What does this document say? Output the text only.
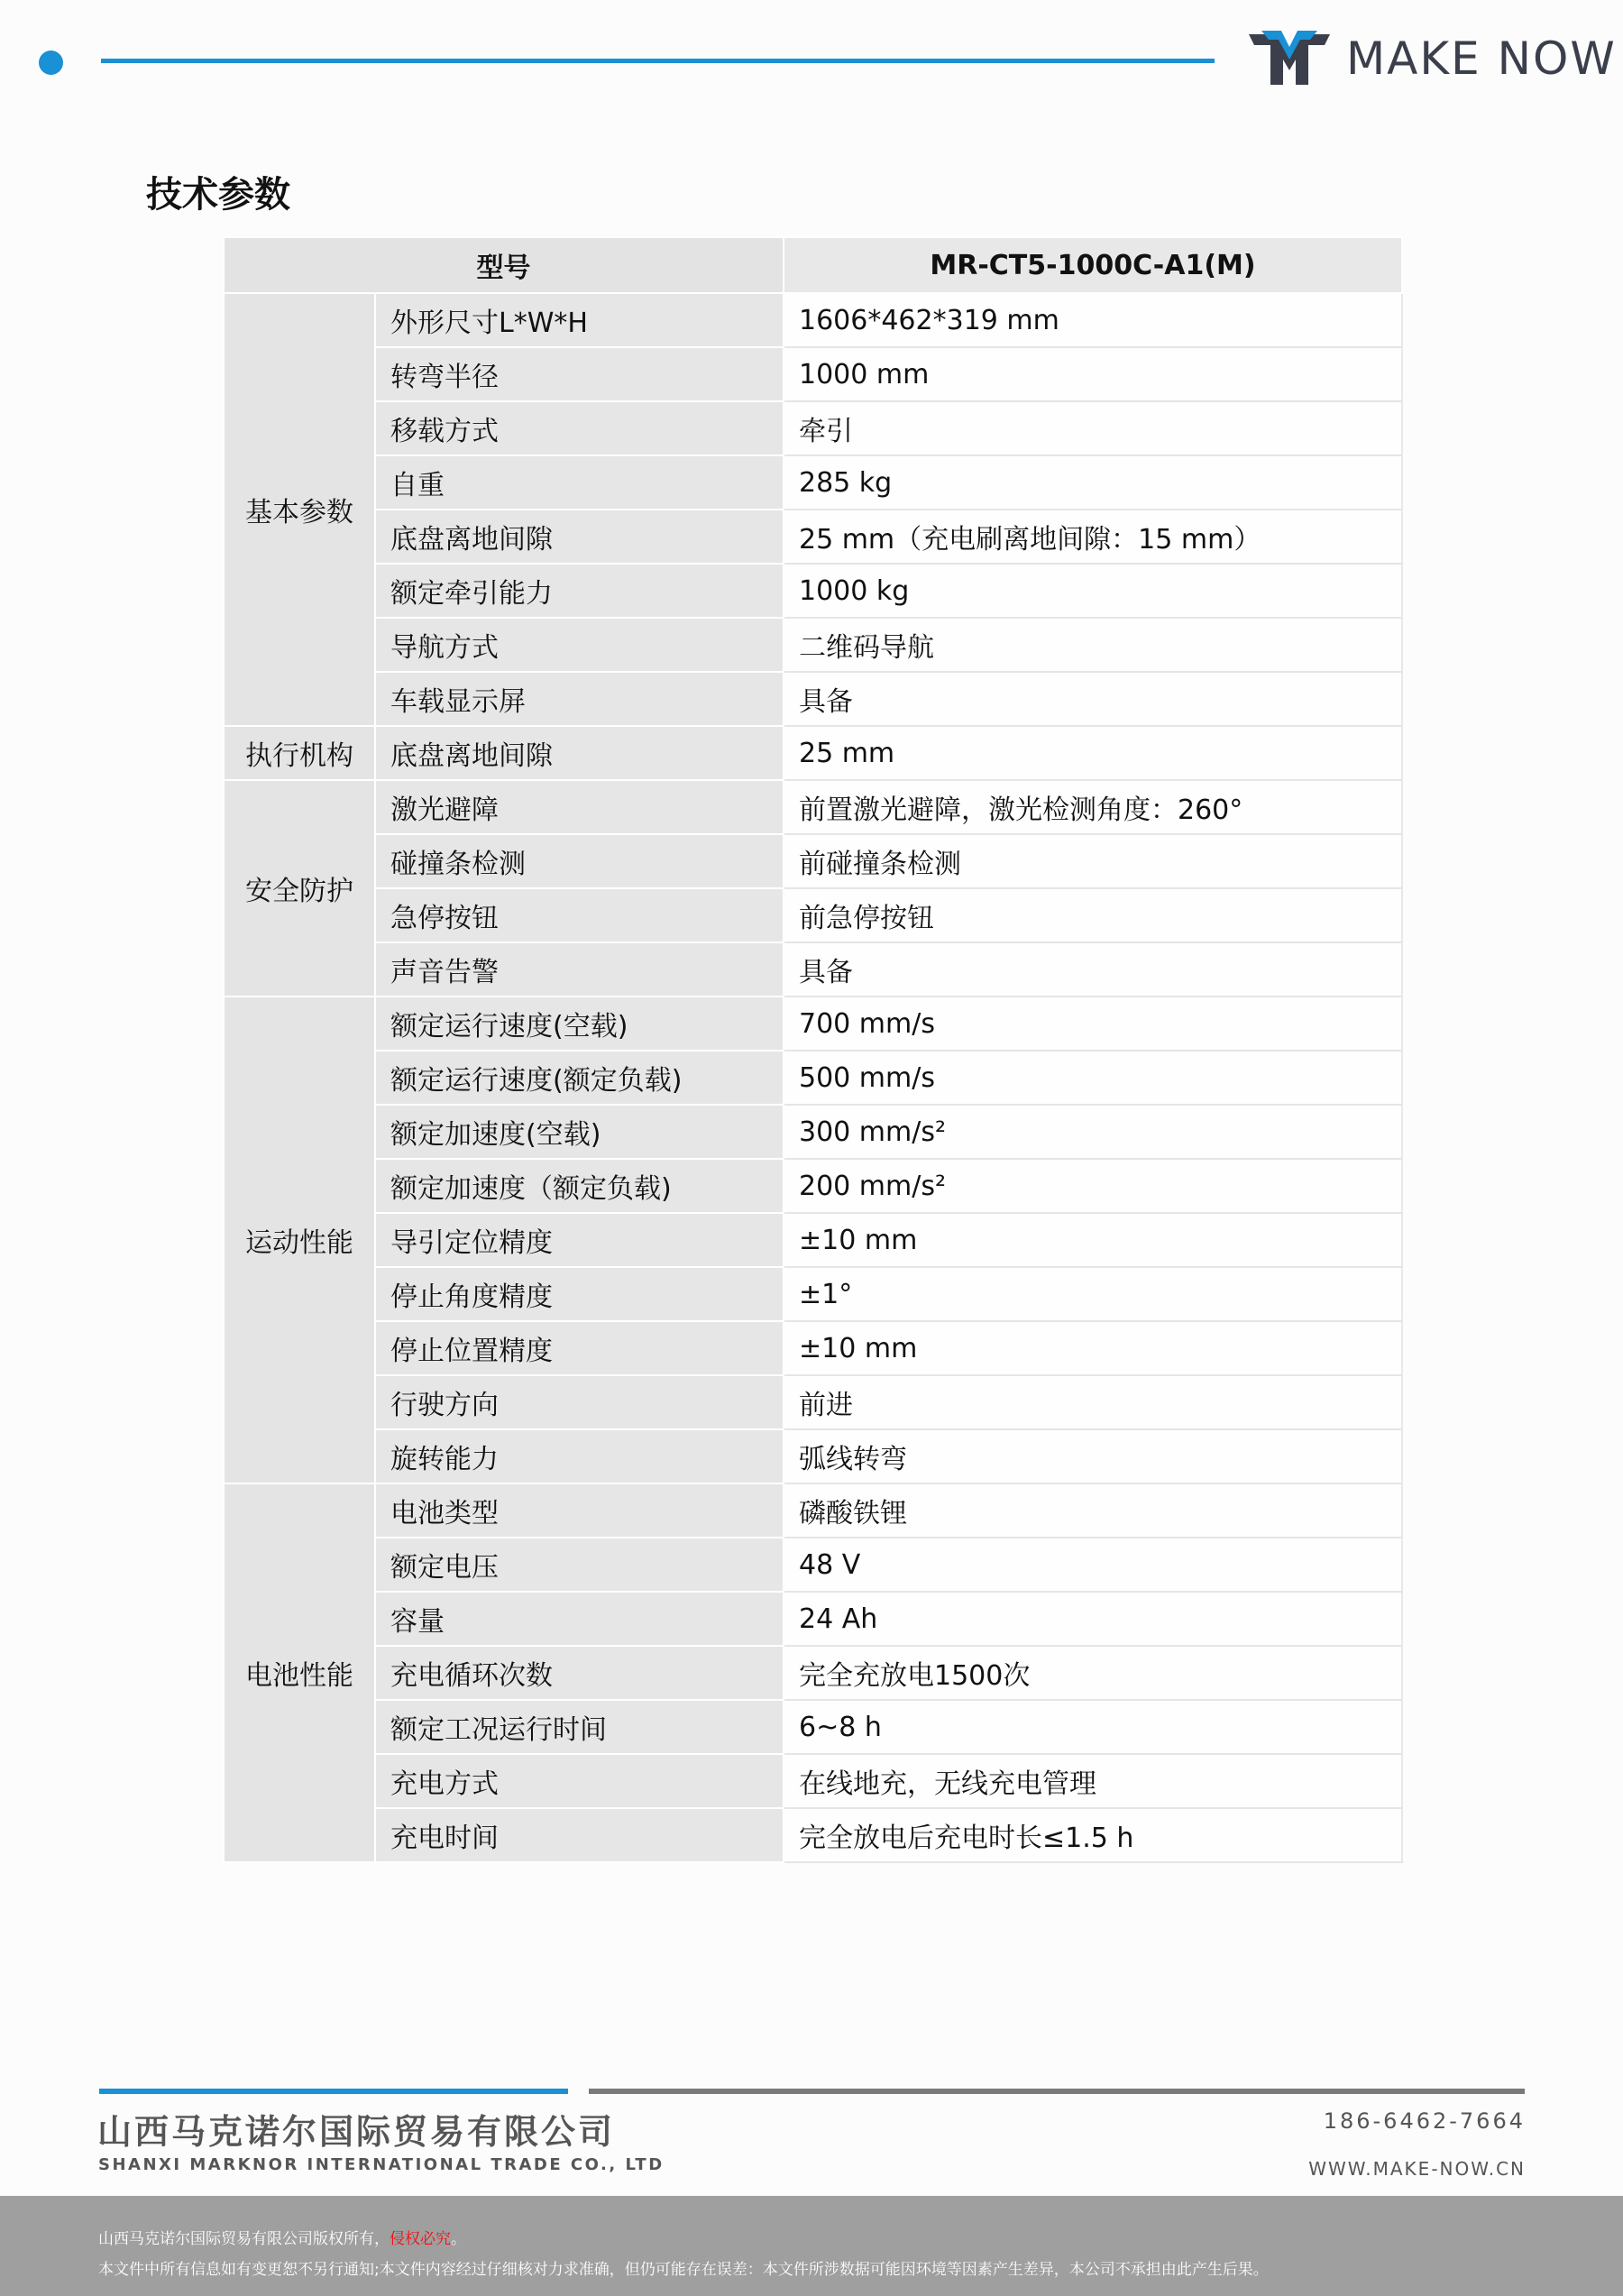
MAKE NOW
技术参数
型号		MR-CT5-1000C-A1(M)
基本参数	外形尺寸L*W*H	1606*462*319 mm
	转弯半径	1000 mm
	移载方式	牵引
	自重	285 kg
	底盘离地间隙	25 mm（充电刷离地间隙：15 mm）
	额定牵引能力	1000 kg
	导航方式	二维码导航
	车载显示屏	具备
执行机构	底盘离地间隙	25 mm
安全防护	激光避障	前置激光避障，激光检测角度：260°
	碰撞条检测	前碰撞条检测
	急停按钮	前急停按钮
	声音告警	具备
运动性能	额定运行速度(空载)	700 mm/s
	额定运行速度(额定负载)	500 mm/s
	额定加速度(空载)	300 mm/s²
	额定加速度（额定负载)	200 mm/s²
	导引定位精度	±10 mm
	停止角度精度	±1°
	停止位置精度	±10 mm
	行驶方向	前进
	旋转能力	弧线转弯
电池性能	电池类型	磷酸铁锂
	额定电压	48 V
	容量	24 Ah
	充电循环次数	完全充放电1500次
	额定工况运行时间	6~8 h
	充电方式	在线地充，无线充电管理
	充电时间	完全放电后充电时长≤1.5 h
山西马克诺尔国际贸易有限公司
SHANXI MARKNOR INTERNATIONAL TRADE CO., LTD
186-6462-7664
WWW.MAKE-NOW.CN
山西马克诺尔国际贸易有限公司版权所有，侵权必究。
本文件中所有信息如有变更恕不另行通知;本文件内容经过仔细核对力求准确，但仍可能存在误差：本文件所涉数据可能因环境等因素产生差异，本公司不承担由此产生后果。
